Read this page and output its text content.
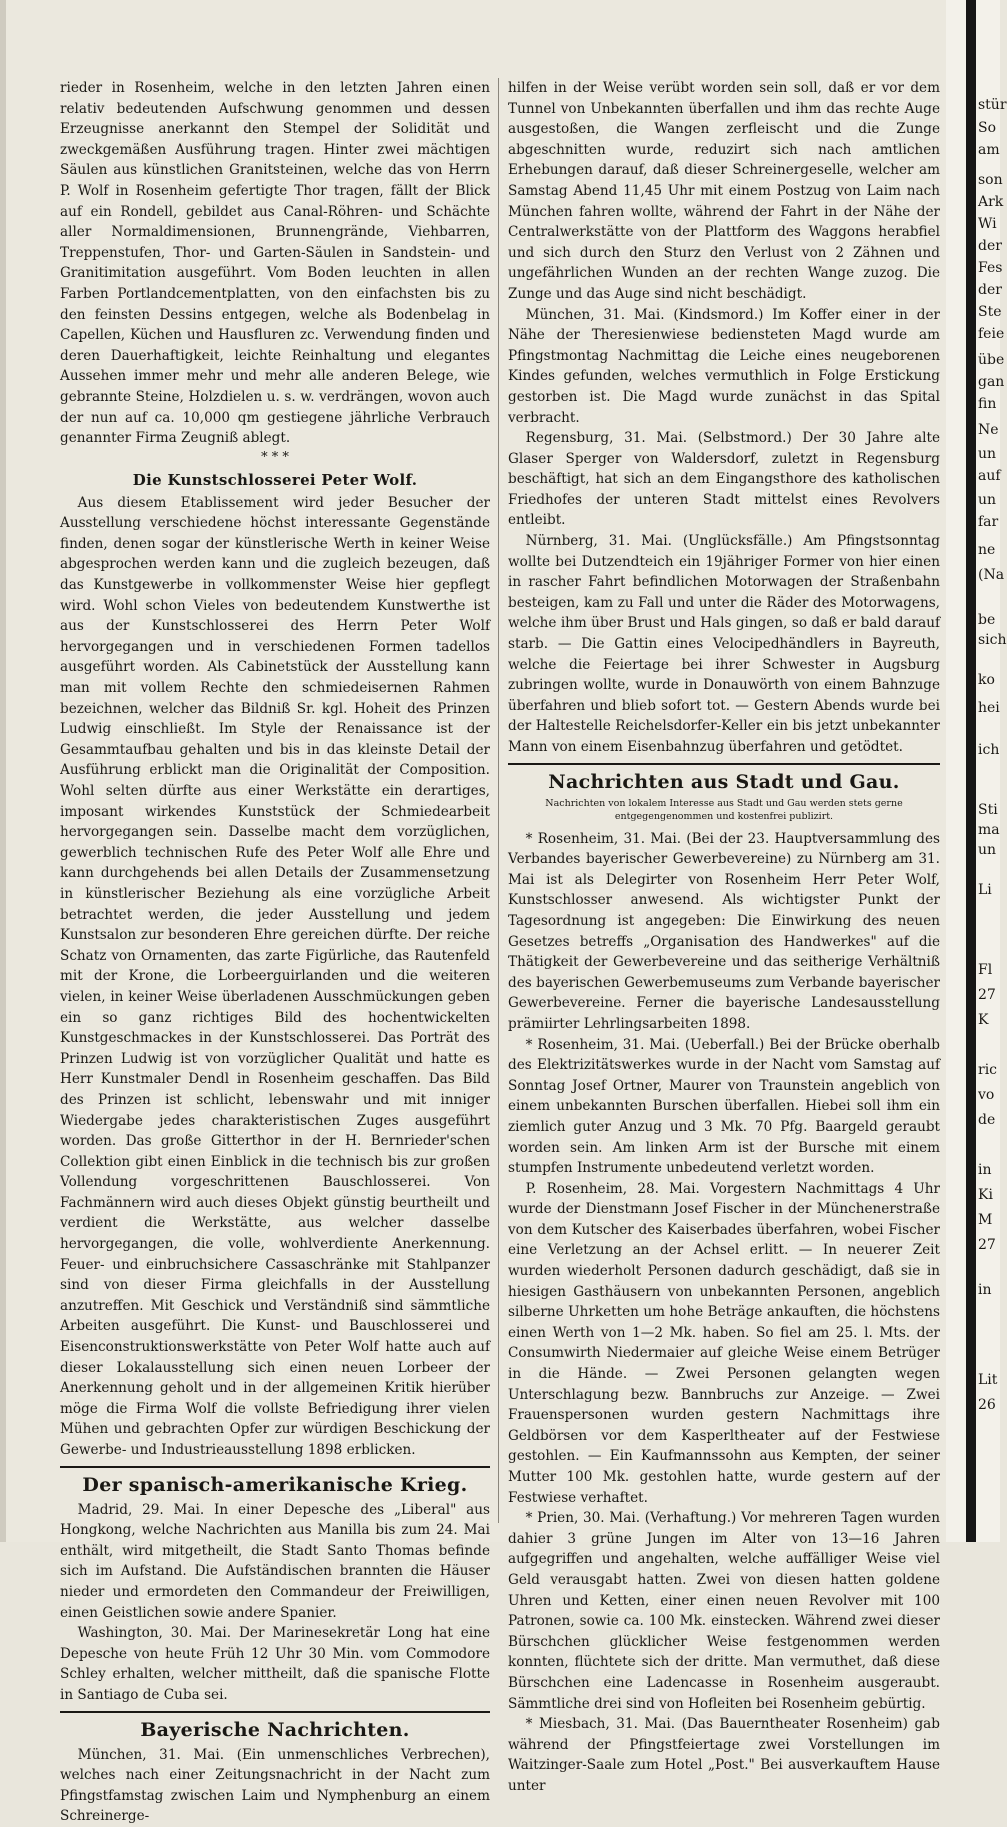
rieder in Rosenheim, welche in den letzten Jahren einen relativ bedeutenden Aufschwung genommen und dessen Erzeugnisse anerkannt den Stempel der Solidität und zweckgemäßen Ausführung tragen. Hinter zwei mächtigen Säulen aus künstlichen Granitsteinen, welche das von Herrn P. Wolf in Rosenheim gefertigte Thor tragen, fällt der Blick auf ein Rondell, gebildet aus Canal-Röhren- und Schächte aller Normaldimensionen, Brunnengrände, Viehbarren, Treppenstufen, Thor- und Garten-Säulen in Sandstein- und Granitimitation ausgeführt. Vom Boden leuchten in allen Farben Portlandcementplatten, von den einfachsten bis zu den feinsten Dessins entgegen, welche als Bodenbelag in Capellen, Küchen und Hausfluren zc. Verwendung finden und deren Dauerhaftigkeit, leichte Reinhaltung und elegantes Aussehen immer mehr und mehr alle anderen Belege, wie gebrannte Steine, Holzdielen u. s. w. verdrängen, wovon auch der nun auf ca. 10,000 qm gestiegene jährliche Verbrauch genannter Firma Zeugniß ablegt.

* * *
Die Kunstschlosserei Peter Wolf.

Aus diesem Etablissement wird jeder Besucher der Ausstellung verschiedene höchst interessante Gegenstände finden, denen sogar der künstlerische Werth in keiner Weise abgesprochen werden kann und die zugleich bezeugen, daß das Kunstgewerbe in vollkommenster Weise hier gepflegt wird. Wohl schon Vieles von bedeutendem Kunstwerthe ist aus der Kunstschlosserei des Herrn Peter Wolf hervorgegangen und in verschiedenen Formen tadellos ausgeführt worden. Als Cabinetstück der Ausstellung kann man mit vollem Rechte den schmiedeisernen Rahmen bezeichnen, welcher das Bildniß Sr. kgl. Hoheit des Prinzen Ludwig einschließt. Im Style der Renaissance ist der Gesammtaufbau gehalten und bis in das kleinste Detail der Ausführung erblickt man die Originalität der Composition. Wohl selten dürfte aus einer Werkstätte ein derartiges, imposant wirkendes Kunststück der Schmiedearbeit hervorgegangen sein. Dasselbe macht dem vorzüglichen, gewerblich technischen Rufe des Peter Wolf alle Ehre und kann durchgehends bei allen Details der Zusammensetzung in künstlerischer Beziehung als eine vorzügliche Arbeit betrachtet werden, die jeder Ausstellung und jedem Kunstsalon zur besonderen Ehre gereichen dürfte. Der reiche Schatz von Ornamenten, das zarte Figürliche, das Rautenfeld mit der Krone, die Lorbeerguirlanden und die weiteren vielen, in keiner Weise überladenen Ausschmückungen geben ein so ganz richtiges Bild des hochentwickelten Kunstgeschmackes in der Kunstschlosserei. Das Porträt des Prinzen Ludwig ist von vorzüglicher Qualität und hatte es Herr Kunstmaler Dendl in Rosenheim geschaffen. Das Bild des Prinzen ist schlicht, lebenswahr und mit inniger Wiedergabe jedes charakteristischen Zuges ausgeführt worden. Das große Gitterthor in der H. Bernrieder'schen Collektion gibt einen Einblick in die technisch bis zur großen Vollendung vorgeschrittenen Bauschlosserei. Von Fachmännern wird auch dieses Objekt günstig beurtheilt und verdient die Werkstätte, aus welcher dasselbe hervorgegangen, die volle, wohlverdiente Anerkennung. Feuer- und einbruchsichere Cassaschränke mit Stahlpanzer sind von dieser Firma gleichfalls in der Ausstellung anzutreffen. Mit Geschick und Verständniß sind sämmtliche Arbeiten ausgeführt. Die Kunst- und Bauschlosserei und Eisenconstruktionswerkstätte von Peter Wolf hatte auch auf dieser Lokalausstellung sich einen neuen Lorbeer der Anerkennung geholt und in der allgemeinen Kritik hierüber möge die Firma Wolf die vollste Befriedigung ihrer vielen Mühen und gebrachten Opfer zur würdigen Beschickung der Gewerbe- und Industrieausstellung 1898 erblicken.

Der spanisch-amerikanische Krieg.

Madrid, 29. Mai. In einer Depesche des „Liberal" aus Hongkong, welche Nachrichten aus Manilla bis zum 24. Mai enthält, wird mitgetheilt, die Stadt Santo Thomas befinde sich im Aufstand. Die Aufständischen brannten die Häuser nieder und ermordeten den Commandeur der Freiwilligen, einen Geistlichen sowie andere Spanier.

Washington, 30. Mai. Der Marinesekretär Long hat eine Depesche von heute Früh 12 Uhr 30 Min. vom Commodore Schley erhalten, welcher mittheilt, daß die spanische Flotte in Santiago de Cuba sei.

Bayerische Nachrichten.

München, 31. Mai. (Ein unmenschliches Verbrechen), welches nach einer Zeitungsnachricht in der Nacht zum Pfingstfamstag zwischen Laim und Nymphenburg an einem Schreinerge-

hilfen in der Weise verübt worden sein soll, daß er vor dem Tunnel von Unbekannten überfallen und ihm das rechte Auge ausgestoßen, die Wangen zerfleischt und die Zunge abgeschnitten wurde, reduzirt sich nach amtlichen Erhebungen darauf, daß dieser Schreinergeselle, welcher am Samstag Abend 11,45 Uhr mit einem Postzug von Laim nach München fahren wollte, während der Fahrt in der Nähe der Centralwerkstätte von der Plattform des Waggons herabfiel und sich durch den Sturz den Verlust von 2 Zähnen und ungefährlichen Wunden an der rechten Wange zuzog. Die Zunge und das Auge sind nicht beschädigt.

München, 31. Mai. (Kindsmord.) Im Koffer einer in der Nähe der Theresienwiese bediensteten Magd wurde am Pfingstmontag Nachmittag die Leiche eines neugeborenen Kindes gefunden, welches vermuthlich in Folge Erstickung gestorben ist. Die Magd wurde zunächst in das Spital verbracht.

Regensburg, 31. Mai. (Selbstmord.) Der 30 Jahre alte Glaser Sperger von Waldersdorf, zuletzt in Regensburg beschäftigt, hat sich an dem Eingangsthore des katholischen Friedhofes der unteren Stadt mittelst eines Revolvers entleibt.

Nürnberg, 31. Mai. (Unglücksfälle.) Am Pfingstsonntag wollte bei Dutzendteich ein 19jähriger Former von hier einen in rascher Fahrt befindlichen Motorwagen der Straßenbahn besteigen, kam zu Fall und unter die Räder des Motorwagens, welche ihm über Brust und Hals gingen, so daß er bald darauf starb. — Die Gattin eines Velocipedhändlers in Bayreuth, welche die Feiertage bei ihrer Schwester in Augsburg zubringen wollte, wurde in Donauwörth von einem Bahnzuge überfahren und blieb sofort tot. — Gestern Abends wurde bei der Haltestelle Reichelsdorfer-Keller ein bis jetzt unbekannter Mann von einem Eisenbahnzug überfahren und getödtet.

Nachrichten aus Stadt und Gau.
Nachrichten von lokalem Interesse aus Stadt und Gau werden stets gerne entgegengenommen und kostenfrei publizirt.

* Rosenheim, 31. Mai. (Bei der 23. Hauptversammlung des Verbandes bayerischer Gewerbevereine) zu Nürnberg am 31. Mai ist als Delegirter von Rosenheim Herr Peter Wolf, Kunstschlosser anwesend. Als wichtigster Punkt der Tagesordnung ist angegeben: Die Einwirkung des neuen Gesetzes betreffs „Organisation des Handwerkes" auf die Thätigkeit der Gewerbevereine und das seitherige Verhältniß des bayerischen Gewerbemuseums zum Verbande bayerischer Gewerbevereine. Ferner die bayerische Landesausstellung prämiirter Lehrlingsarbeiten 1898.

* Rosenheim, 31. Mai. (Ueberfall.) Bei der Brücke oberhalb des Elektrizitätswerkes wurde in der Nacht vom Samstag auf Sonntag Josef Ortner, Maurer von Traunstein angeblich von einem unbekannten Burschen überfallen. Hiebei soll ihm ein ziemlich guter Anzug und 3 Mk. 70 Pfg. Baargeld geraubt worden sein. Am linken Arm ist der Bursche mit einem stumpfen Instrumente unbedeutend verletzt worden.

P. Rosenheim, 28. Mai. Vorgestern Nachmittags 4 Uhr wurde der Dienstmann Josef Fischer in der Münchenerstraße von dem Kutscher des Kaiserbades überfahren, wobei Fischer eine Verletzung an der Achsel erlitt. — In neuerer Zeit wurden wiederholt Personen dadurch geschädigt, daß sie in hiesigen Gasthäusern von unbekannten Personen, angeblich silberne Uhrketten um hohe Beträge ankauften, die höchstens einen Werth von 1—2 Mk. haben. So fiel am 25. l. Mts. der Consumwirth Niedermaier auf gleiche Weise einem Betrüger in die Hände. — Zwei Personen gelangten wegen Unterschlagung bezw. Bannbruchs zur Anzeige. — Zwei Frauenspersonen wurden gestern Nachmittags ihre Geldbörsen vor dem Kasperltheater auf der Festwiese gestohlen. — Ein Kaufmannssohn aus Kempten, der seiner Mutter 100 Mk. gestohlen hatte, wurde gestern auf der Festwiese verhaftet.

* Prien, 30. Mai. (Verhaftung.) Vor mehreren Tagen wurden dahier 3 grüne Jungen im Alter von 13—16 Jahren aufgegriffen und angehalten, welche auffälliger Weise viel Geld verausgabt hatten. Zwei von diesen hatten goldene Uhren und Ketten, einer einen neuen Revolver mit 100 Patronen, sowie ca. 100 Mk. einstecken. Während zwei dieser Bürschchen glücklicher Weise festgenommen werden konnten, flüchtete sich der dritte. Man vermuthet, daß diese Bürschchen eine Ladencasse in Rosenheim ausgeraubt. Sämmtliche drei sind von Hofleiten bei Rosenheim gebürtig.

* Miesbach, 31. Mai. (Das Bauerntheater Rosenheim) gab während der Pfingstfeiertage zwei Vorstellungen im Waitzinger-Saale zum Hotel „Post." Bei ausverkauftem Hause unter

stür
So
am
son
Ark
Wi
der
Fes
der
Ste
feie
übe
gan
fin
Ne
un
auf
un
far
ne
(Na
be
sich
ko
hei
ich
Sti
ma
un
Li
Fl
27
K
ric
vo
de
in
Ki
M
27
in
Lit
26
